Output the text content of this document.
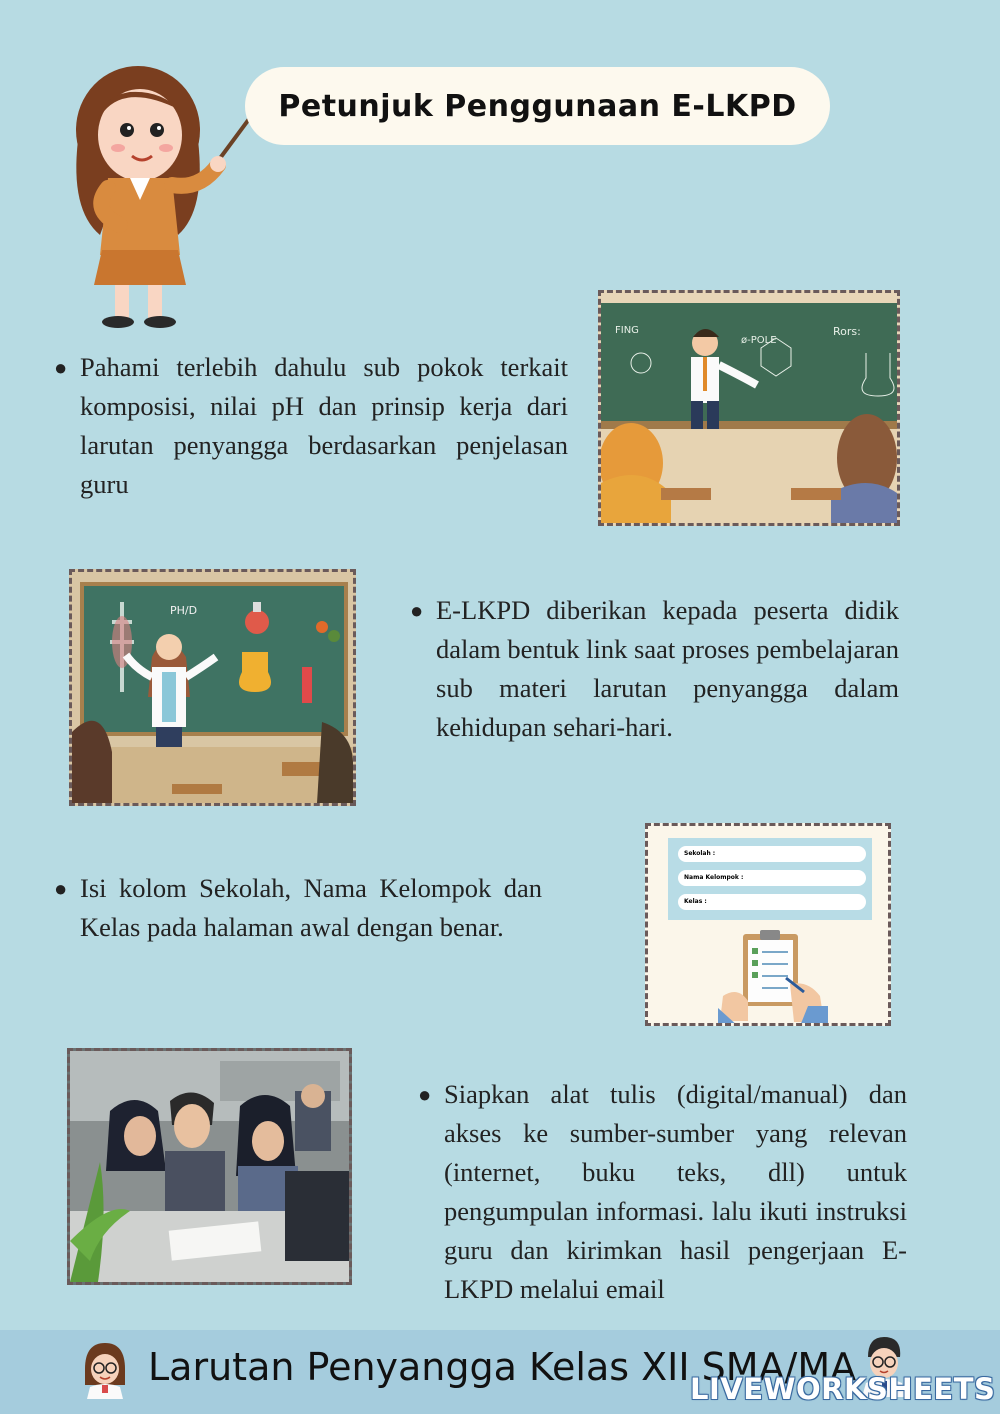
Petunjuk Penggunaan E-LKPD
● Pahami terlebih dahulu sub pokok terkait komposisi, nilai pH dan prinsip kerja dari larutan penyangga berdasarkan penjelasan guru
FING
ø-POLE
Rors:
PH/D	● E-LKPD diberikan kepada peserta didik dalam bentuk link saat proses pembelajaran sub materi larutan penyangga dalam kehidupan sehari-hari.
● Isi kolom Sekolah, Nama Kelompok dan Kelas pada halaman awal dengan benar.
Sekolah :
Nama Kelompok :
Kelas :
● Siapkan alat tulis (digital/manual) dan akses ke sumber-sumber yang relevan (internet, buku teks, dll) untuk pengumpulan informasi. lalu ikuti instruksi guru dan kirimkan hasil pengerjaan E-LKPD melalui email
Larutan Penyangga Kelas XII SMA/MA
LIVEWORKSHEETS
